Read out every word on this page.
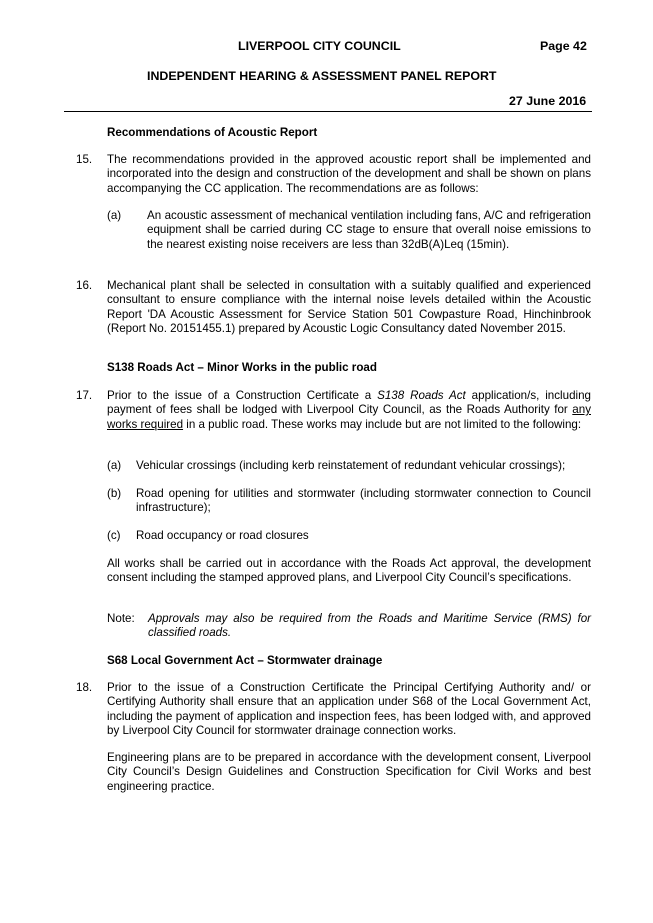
LIVERPOOL CITY COUNCIL	Page 42
INDEPENDENT HEARING & ASSESSMENT PANEL REPORT
27 June 2016
Recommendations of Acoustic Report
15. The recommendations provided in the approved acoustic report shall be implemented and incorporated into the design and construction of the development and shall be shown on plans accompanying the CC application. The recommendations are as follows:
(a) An acoustic assessment of mechanical ventilation including fans, A/C and refrigeration equipment shall be carried during CC stage to ensure that overall noise emissions to the nearest existing noise receivers are less than 32dB(A)Leq (15min).
16. Mechanical plant shall be selected in consultation with a suitably qualified and experienced consultant to ensure compliance with the internal noise levels detailed within the Acoustic Report 'DA Acoustic Assessment for Service Station 501 Cowpasture Road, Hinchinbrook (Report No. 20151455.1) prepared by Acoustic Logic Consultancy dated November 2015.
S138 Roads Act – Minor Works in the public road
17. Prior to the issue of a Construction Certificate a S138 Roads Act application/s, including payment of fees shall be lodged with Liverpool City Council, as the Roads Authority for any works required in a public road. These works may include but are not limited to the following:
(a) Vehicular crossings (including kerb reinstatement of redundant vehicular crossings);
(b) Road opening for utilities and stormwater (including stormwater connection to Council infrastructure);
(c) Road occupancy or road closures
All works shall be carried out in accordance with the Roads Act approval, the development consent including the stamped approved plans, and Liverpool City Council’s specifications.
Note: Approvals may also be required from the Roads and Maritime Service (RMS) for classified roads.
S68 Local Government Act – Stormwater drainage
18. Prior to the issue of a Construction Certificate the Principal Certifying Authority and/ or Certifying Authority shall ensure that an application under S68 of the Local Government Act, including the payment of application and inspection fees, has been lodged with, and approved by Liverpool City Council for stormwater drainage connection works.
Engineering plans are to be prepared in accordance with the development consent, Liverpool City Council’s Design Guidelines and Construction Specification for Civil Works and best engineering practice.
